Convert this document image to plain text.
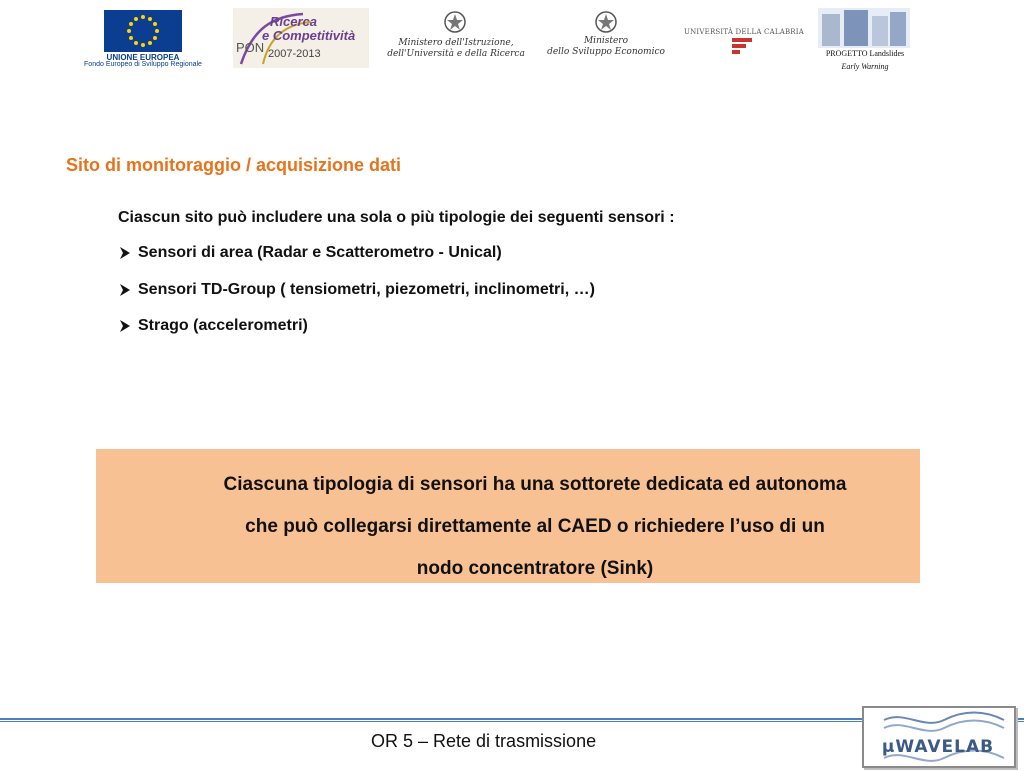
UNIONE EUROPEA
Fondo Europeo di Sviluppo Regionale
PON
Ricerca
e Competitività
2007-2013
Ministero dell'Istruzione,
dell'Università e della Ricerca
Ministero
dello Sviluppo Economico
UNIVERSITÀ DELLA CALABRIA
PROGETTO Landslides
Early Warning
Sito di monitoraggio / acquisizione dati
Ciascun sito può includere una sola o più tipologie dei seguenti sensori :
Sensori di area (Radar e Scatterometro - Unical)
Sensori TD-Group ( tensiometri, piezometri, inclinometri, …)
Strago (accelerometri)
Ciascuna tipologia di sensori ha una sottorete dedicata ed autonoma
che può collegarsi direttamente al CAED o richiedere l’uso di un
nodo concentratore (Sink)
OR 5 – Rete di trasmissione	μWAVELAB
